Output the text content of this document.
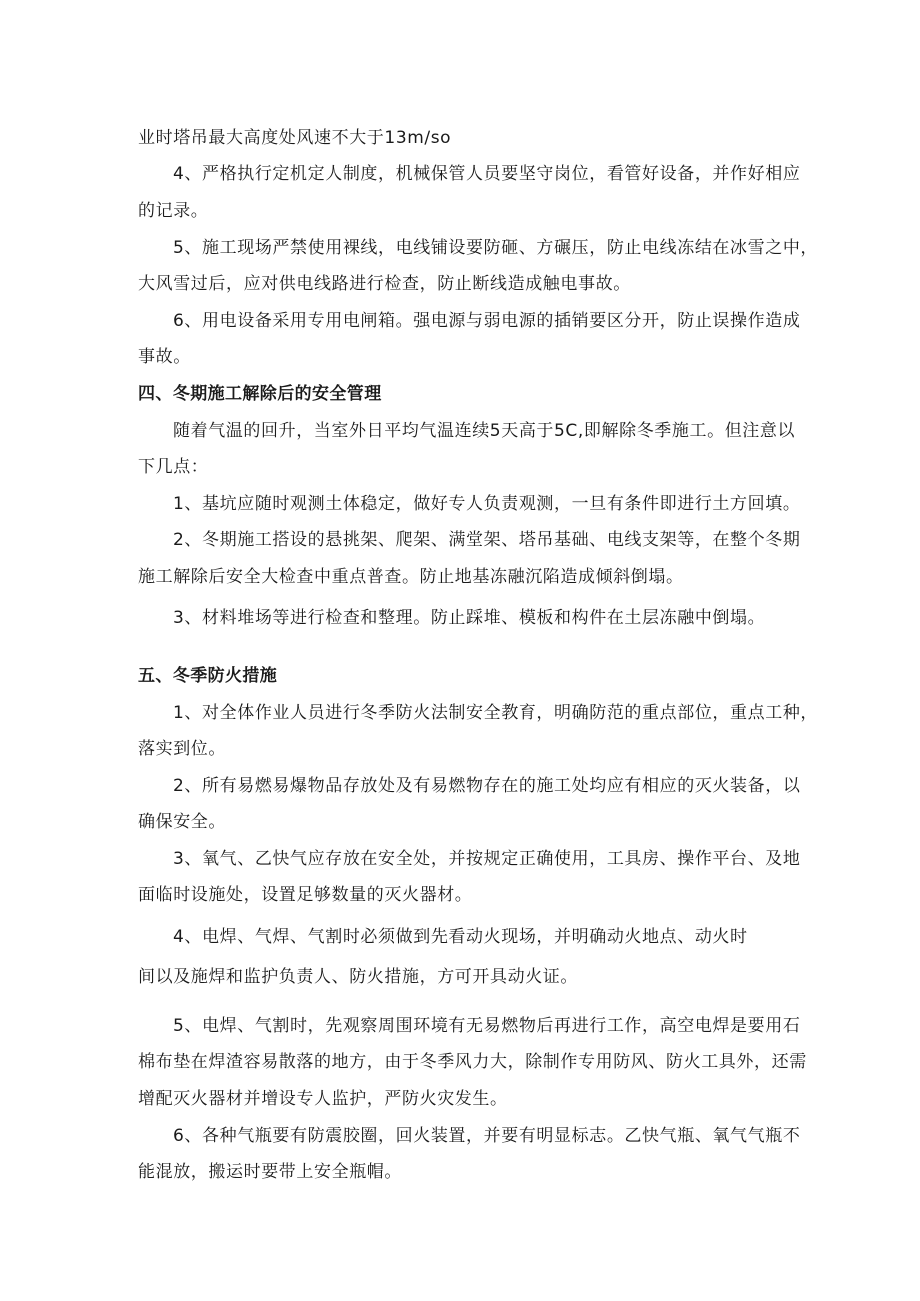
业时塔吊最大高度处风速不大于13m∕so
4、严格执行定机定人制度，机械保管人员要坚守岗位，看管好设备，并作好相应
的记录。
5、施工现场严禁使用裸线，电线铺设要防砸、方碾压，防止电线冻结在冰雪之中，
大风雪过后，应对供电线路进行检查，防止断线造成触电事故。
6、用电设备采用专用电闸箱。强电源与弱电源的插销要区分开，防止误操作造成
事故。
四、冬期施工解除后的安全管理
随着气温的回升，当室外日平均气温连续5天高于5C,即解除冬季施工。但注意以
下几点：
1、基坑应随时观测土体稳定，做好专人负责观测，一旦有条件即进行土方回填。
2、冬期施工搭设的悬挑架、爬架、满堂架、塔吊基础、电线支架等，在整个冬期
施工解除后安全大检查中重点普查。防止地基冻融沉陷造成倾斜倒塌。
3、材料堆场等进行检查和整理。防止踩堆、模板和构件在土层冻融中倒塌。
五、冬季防火措施
1、对全体作业人员进行冬季防火法制安全教育，明确防范的重点部位，重点工种，
落实到位。
2、所有易燃易爆物品存放处及有易燃物存在的施工处均应有相应的灭火装备，以
确保安全。
3、氧气、乙快气应存放在安全处，并按规定正确使用，工具房、操作平台、及地
面临时设施处，设置足够数量的灭火器材。
4、电焊、气焊、气割时必须做到先看动火现场，并明确动火地点、动火时
间以及施焊和监护负责人、防火措施，方可开具动火证。
5、电焊、气割时，先观察周围环境有无易燃物后再进行工作，高空电焊是要用石
棉布垫在焊渣容易散落的地方，由于冬季风力大，除制作专用防风、防火工具外，还需
增配灭火器材并增设专人监护，严防火灾发生。
6、各种气瓶要有防震胶圈，回火装置，并要有明显标志。乙快气瓶、氧气气瓶不
能混放，搬运时要带上安全瓶帽。
